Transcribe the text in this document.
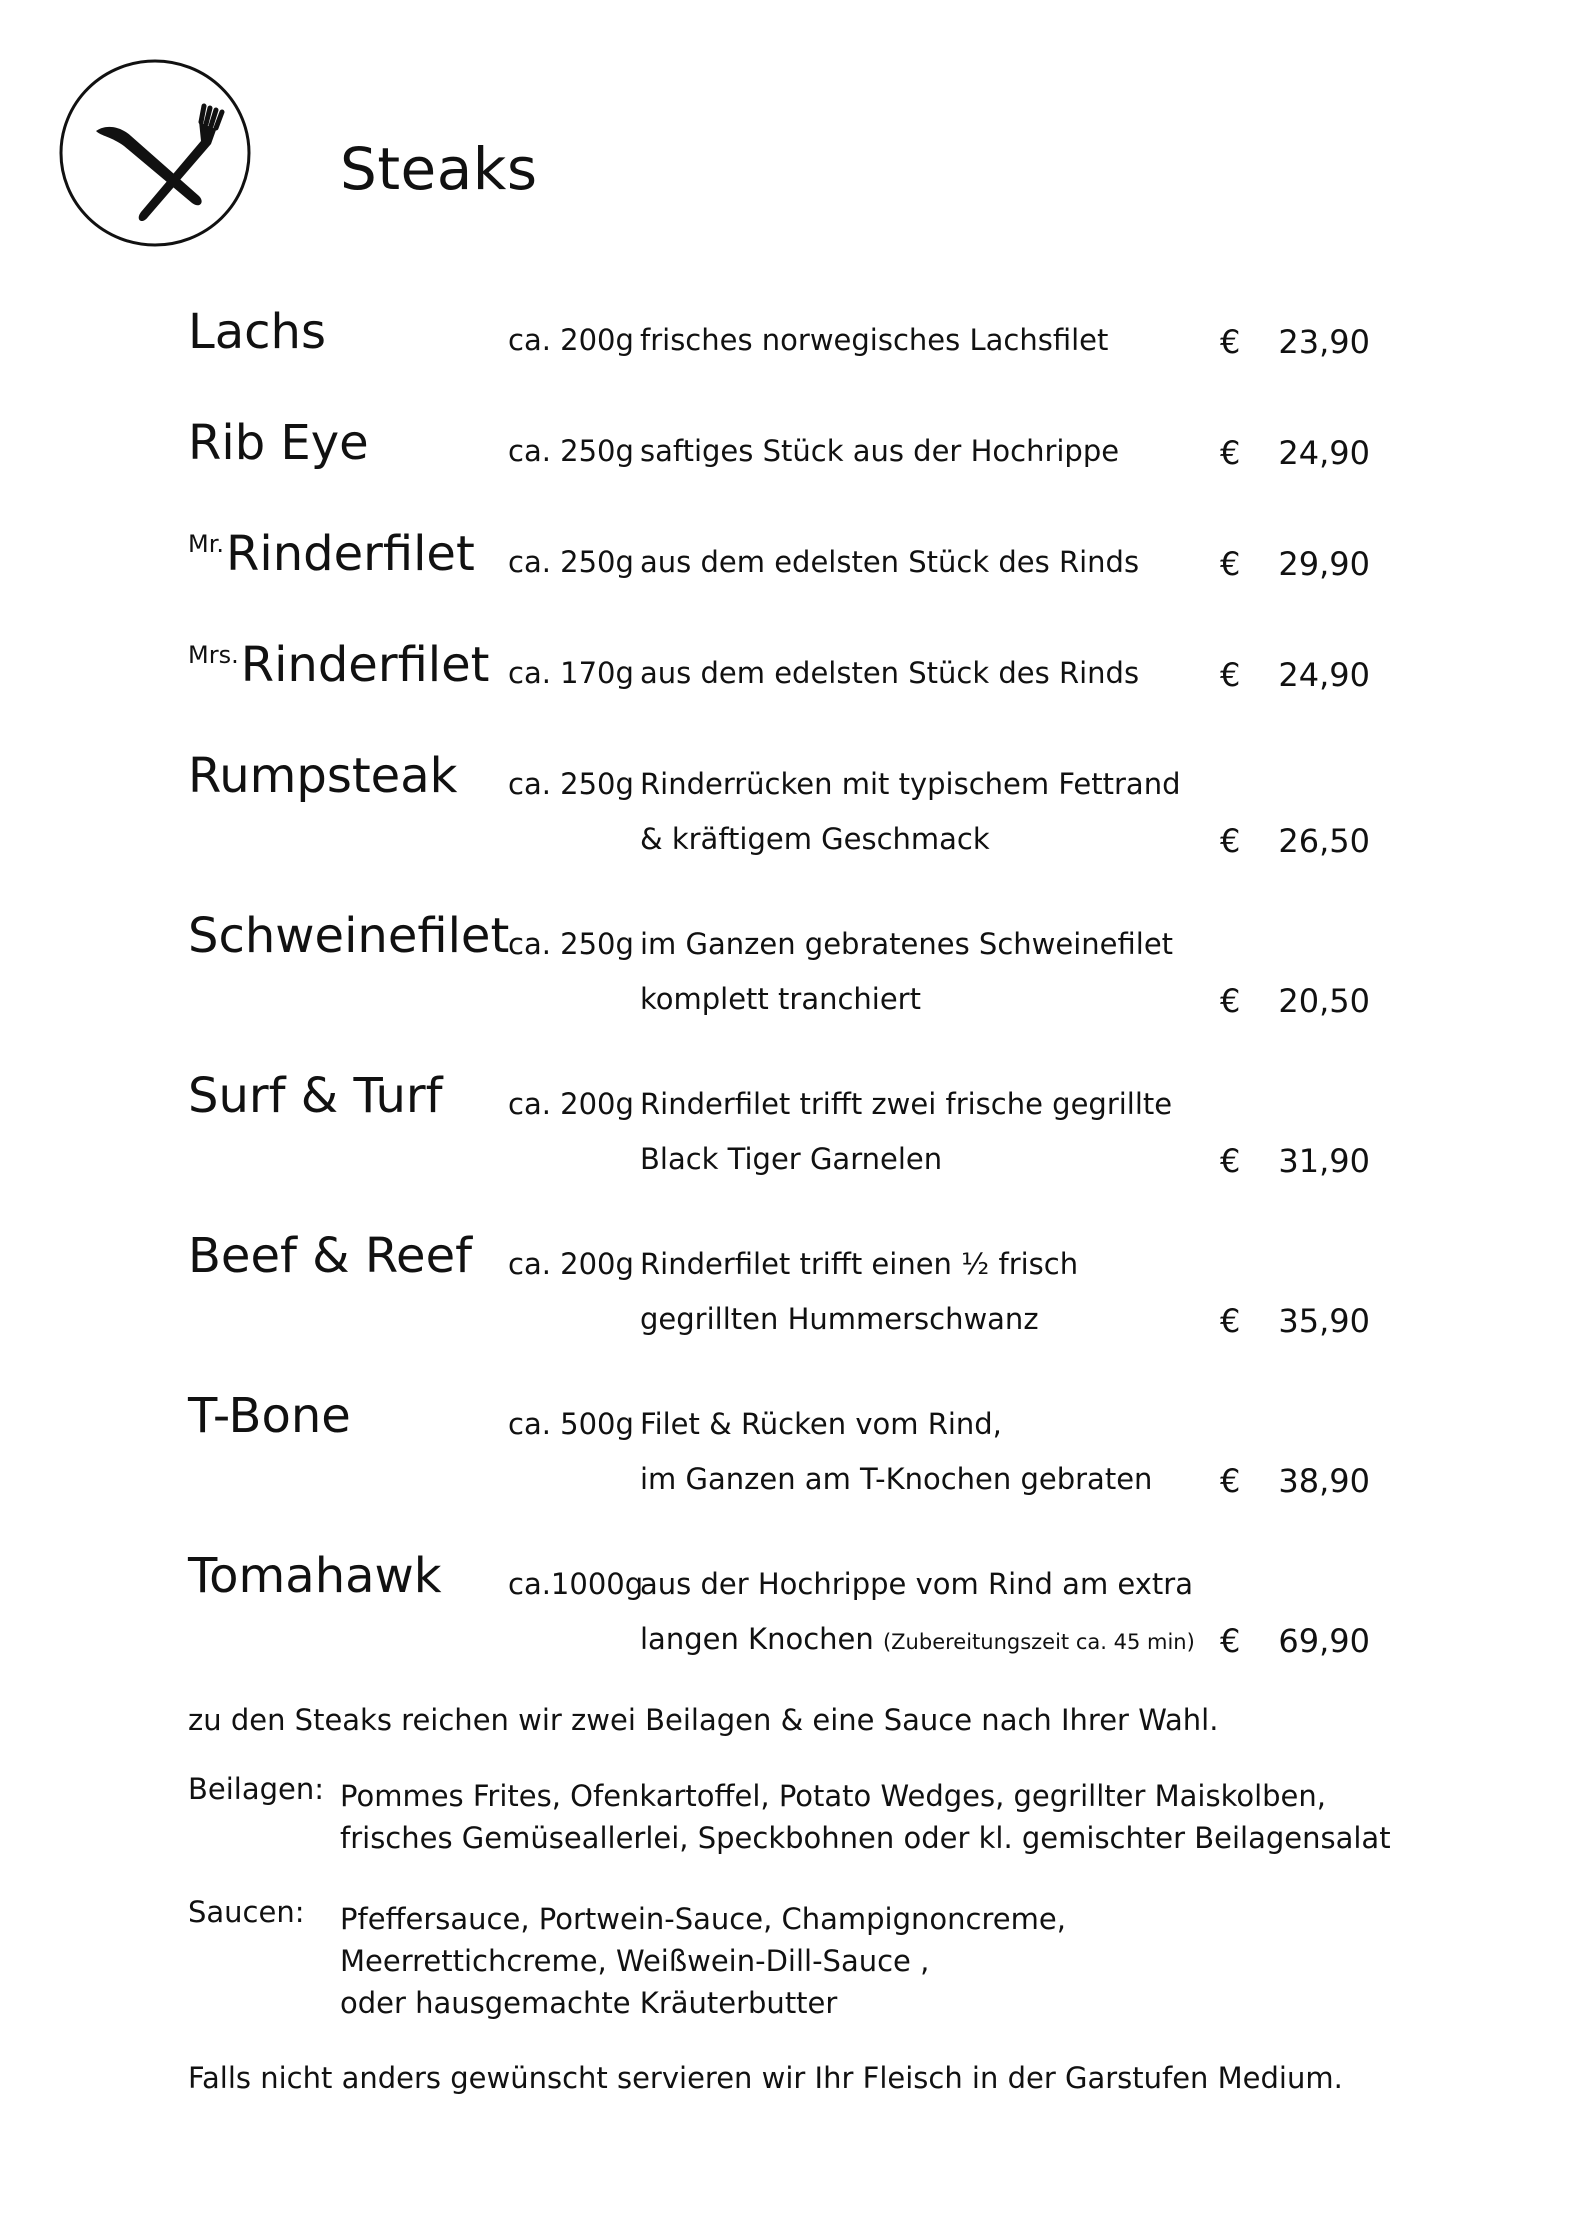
Steaks
Lachs	ca. 200g frisches norwegisches Lachsfilet	€ 23,90
Rib Eye	ca. 250g saftiges Stück aus der Hochrippe	€ 24,90
$^{Mr.}$Rinderfilet ca. 250g aus dem edelsten Stück des Rinds	€ 29,90
$^{Mrs.}$Rinderfilet ca. 170g aus dem edelsten Stück des Rinds	€ 24,90
Rumpsteak ca. 250g Rinderrücken mit typischem Fettrand
& kräftigem Geschmack	€ 26,50
Schweinefilet
ca. 250g im Ganzen gebratenes Schweinefilet
komplett tranchiert	€ 20,50
Surf & Turf ca. 200g Rinderfilet trifft zwei frische gegrillte
Black Tiger Garnelen	€ 31,90
Beef & Reef ca. 200g Rinderfilet trifft einen ½ frisch
gegrillten Hummerschwanz	€ 35,90
T-Bone	ca. 500g Filet & Rücken vom Rind,
im Ganzen am T-Knochen gebraten € 38,90
Tomahawk ca.1000g
aus der Hochrippe vom Rind am extra
langen Knochen (Zubereitungszeit ca. 45 min) € 69,90
zu den Steaks reichen wir zwei Beilagen & eine Sauce nach Ihrer Wahl.
Beilagen: Pommes Frites, Ofenkartoffel, Potato Wedges, gegrillter Maiskolben,
frisches Gemüseallerlei, Speckbohnen oder kl. gemischter Beilagensalat
Saucen: Pfeffersauce, Portwein-Sauce, Champignoncreme,
Meerrettichcreme, Weißwein-Dill-Sauce ,
oder hausgemachte Kräuterbutter
Falls nicht anders gewünscht servieren wir Ihr Fleisch in der Garstufen Medium.
